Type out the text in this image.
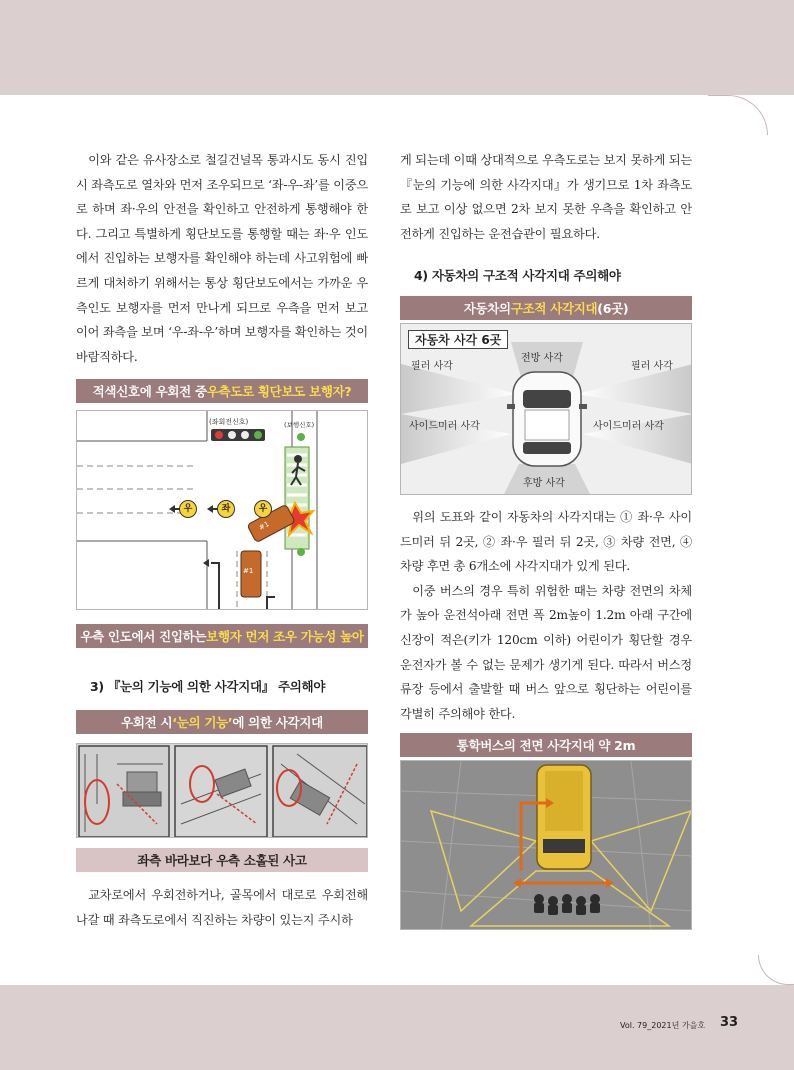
이와 같은 유사장소로 철길건널목 통과시도 동시 진입 시 좌측도로 열차와 먼저 조우되므로 ‘좌-우-좌’를 이중으로 하며 좌·우의 안전을 확인하고 안전하게 통행해야 한다. 그리고 특별하게 횡단보도를 통행할 때는 좌·우 인도에서 진입하는 보행자를 확인해야 하는데 사고위험에 빠르게 대처하기 위해서는 통상 횡단보도에서는 가까운 우측인도 보행자를 먼저 만나게 되므로 우측을 먼저 보고 이어 좌측을 보며 ‘우-좌-우’하며 보행자를 확인하는 것이 바람직하다.

적색신호에 우회전 중 우측도로 횡단보도 보행자?
(좌회전신호)	(보행신호)
우	좌	우
#1
#1
우측 인도에서 진입하는 보행자 먼저 조우 가능성 높아
3) 『눈의 기능에 의한 사각지대』 주의해야
우회전 시 ‘눈의 기능’ 에 의한 사각지대
좌측 바라보다 우측 소홀된 사고

교차로에서 우회전하거나, 골목에서 대로로 우회전해 나갈 때 좌측도로에서 직진하는 차량이 있는지 주시하

게 되는데 이때 상대적으로 우측도로는 보지 못하게 되는 『눈의 기능에 의한 사각지대』가 생기므로 1차 좌측도로 보고 이상 없으면 2차 보지 못한 우측을 확인하고 안전하게 진입하는 운전습관이 필요하다.

4) 자동차의 구조적 사각지대 주의해야
자동차의 구조적 사각지대 (6곳)
자동차 사각 6곳
전방 사각
필러 사각	필러 사각
사이드미러 사각	사이드미러 사각
후방 사각

위의 도표와 같이 자동차의 사각지대는 ① 좌·우 사이드미러 뒤 2곳, ② 좌·우 필러 뒤 2곳, ③ 차량 전면, ④ 차량 후면 총 6개소에 사각지대가 있게 된다.

이중 버스의 경우 특히 위험한 때는 차량 전면의 차체가 높아 운전석아래 전면 폭 2m높이 1.2m 아래 구간에 신장이 적은(키가 120cm 이하) 어린이가 횡단할 경우 운전자가 볼 수 없는 문제가 생기게 된다. 따라서 버스정류장 등에서 출발할 때 버스 앞으로 횡단하는 어린이를 각별히 주의해야 한다.

통학버스의 전면 사각지대 약 2m
Vol. 79_2021년 가을호 33
